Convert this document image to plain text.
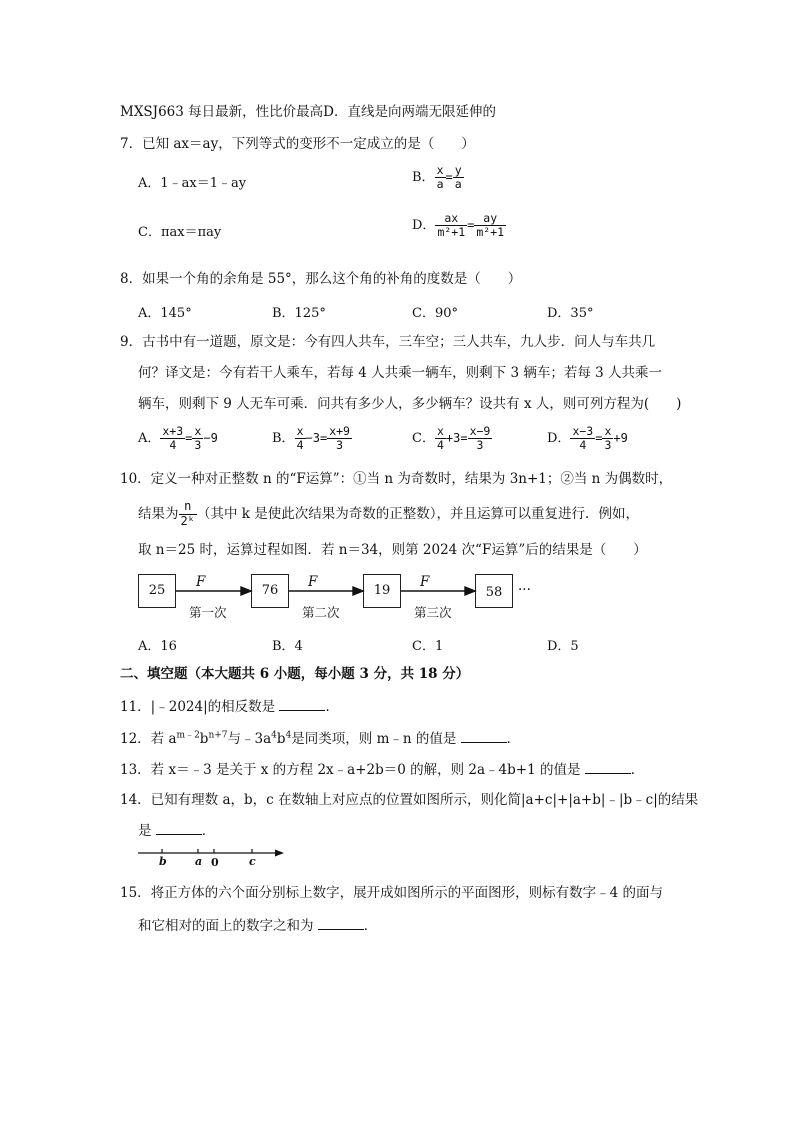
MXSJ663 每日最新，性比价最高D．直线是向两端无限延伸的
7．已知 ax＝ay，下列等式的变形不一定成立的是（　　）
A．1﹣ax＝1﹣ay	B． $\frac{x}{a} = \frac{y}{a}$
C．πax＝πay	D． $\frac{ax}{\text{m²+1}} = \frac{ay}{\text{m²+1}}$
8．如果一个角的余角是 55°，那么这个角的补角的度数是（　　）
A．145°	B．125°	C．90°	D．35°
9．古书中有一道题，原文是：今有四人共车，三车空；三人共车，九人步．问人与车共几
何？译文是：今有若干人乘车，若每 4 人共乘一辆车，则剩下 3 辆车；若每 3 人共乘一
辆车，则剩下 9 人无车可乘．问共有多少人，多少辆车？设共有 x 人，则可列方程为(　　)
A． $\frac{x+3}{4} = \frac{x}{3} -9$	B． $\frac{x}{4} -3= \frac{x+9}{3}$	C． $\frac{x}{4} +3= \frac{x-9}{3}$	D． $\frac{x-3}{4} = \frac{x}{3} +9$
10．定义一种对正整数 n 的“F运算”：①当 n 为奇数时，结果为 3n+1；②当 n 为偶数时，
结果为 $\frac{n}{\text{2ᵏ}}$ （其中 k 是使此次结果为奇数的正整数），并且运算可以重复进行．例如，
取 n＝25 时，运算过程如图．若 n＝34，则第 2024 次“F运算”后的结果是（　　）
25	76	19	58
F	F	F
第一次	第二次	第三次
···
A．16	B．4	C．1	D．5
二、填空题（本大题共 6 小题，每小题 3 分，共 18 分）
11．|﹣2024|的相反数是	．
12．若 $a^{m﹣2}b^{n+7}$与$﹣3a^4b^4$是同类项，则 m﹣n 的值是	．
13．若 x＝﹣3 是关于 x 的方程 2x﹣a+2b＝0 的解，则 2a﹣4b+1 的值是	．
14．已知有理数 a，b，c 在数轴上对应点的位置如图所示，则化简|a+c|+|a+b|﹣|b﹣c|的结果
是	．
b	a 0	c
15．将正方体的六个面分别标上数字，展开成如图所示的平面图形，则标有数字﹣4 的面与
和它相对的面上的数字之和为	．
